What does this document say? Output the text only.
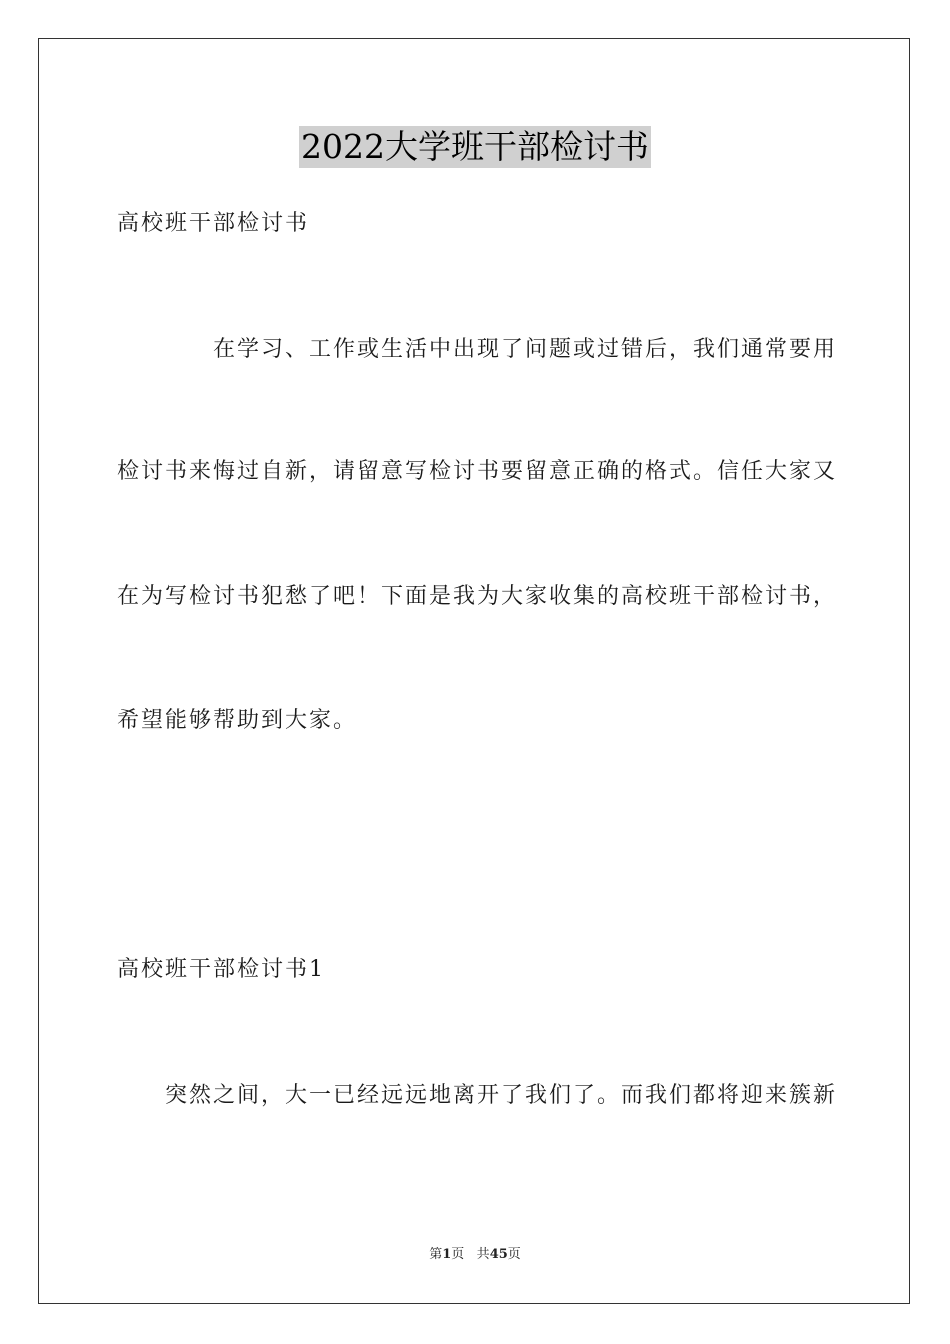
2022大学班干部检讨书
高校班干部检讨书
在学习、工作或生活中出现了问题或过错后，我们通常要用
检讨书来悔过自新，请留意写检讨书要留意正确的格式。信任大家又
在为写检讨书犯愁了吧！下面是我为大家收集的高校班干部检讨书，
希望能够帮助到大家。
高校班干部检讨书1
突然之间，大一已经远远地离开了我们了。而我们都将迎来簇新
第1页 共45页
